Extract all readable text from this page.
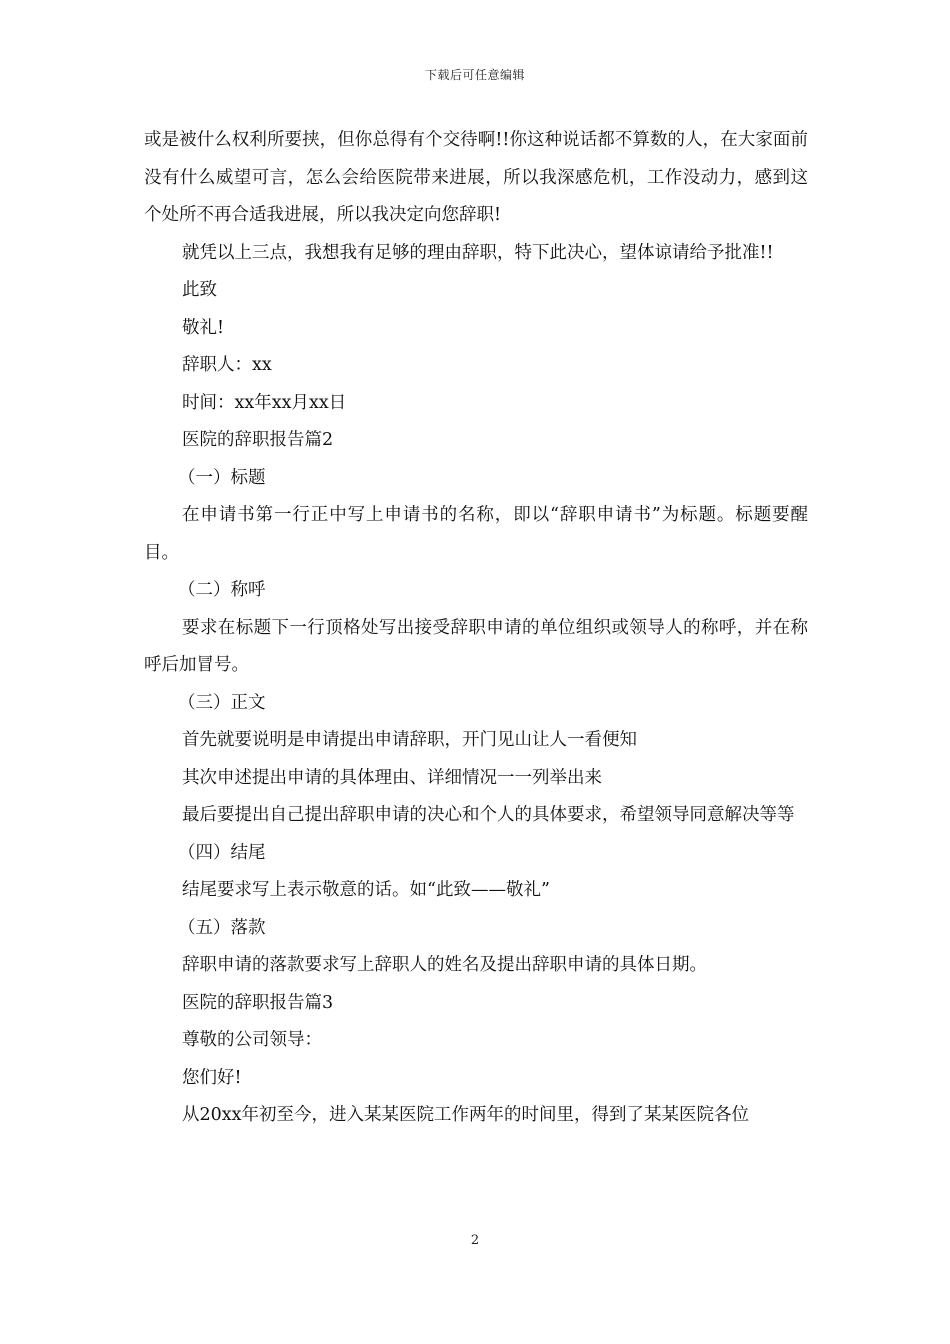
下载后可任意编辑

或是被什么权利所要挟，但你总得有个交待啊!!你这种说话都不算数的人，在大家面前没有什么威望可言，怎么会给医院带来进展，所以我深感危机，工作没动力，感到这个处所不再合适我进展，所以我决定向您辞职!

就凭以上三点，我想我有足够的理由辞职，特下此决心，望体谅请给予批准!!

此致

敬礼!

辞职人：xx

时间：xx年xx月xx日

医院的辞职报告篇2

（一）标题

在申请书第一行正中写上申请书的名称，即以“辞职申请书”为标题。标题要醒目。

（二）称呼

要求在标题下一行顶格处写出接受辞职申请的单位组织或领导人的称呼，并在称呼后加冒号。

（三）正文

首先就要说明是申请提出申请辞职，开门见山让人一看便知

其次申述提出申请的具体理由、详细情况一一列举出来

最后要提出自己提出辞职申请的决心和个人的具体要求，希望领导同意解决等等

（四）结尾

结尾要求写上表示敬意的话。如“此致——敬礼”

（五）落款

辞职申请的落款要求写上辞职人的姓名及提出辞职申请的具体日期。

医院的辞职报告篇3

尊敬的公司领导：

您们好!

从20xx年初至今，进入某某医院工作两年的时间里，得到了某某医院各位

2
